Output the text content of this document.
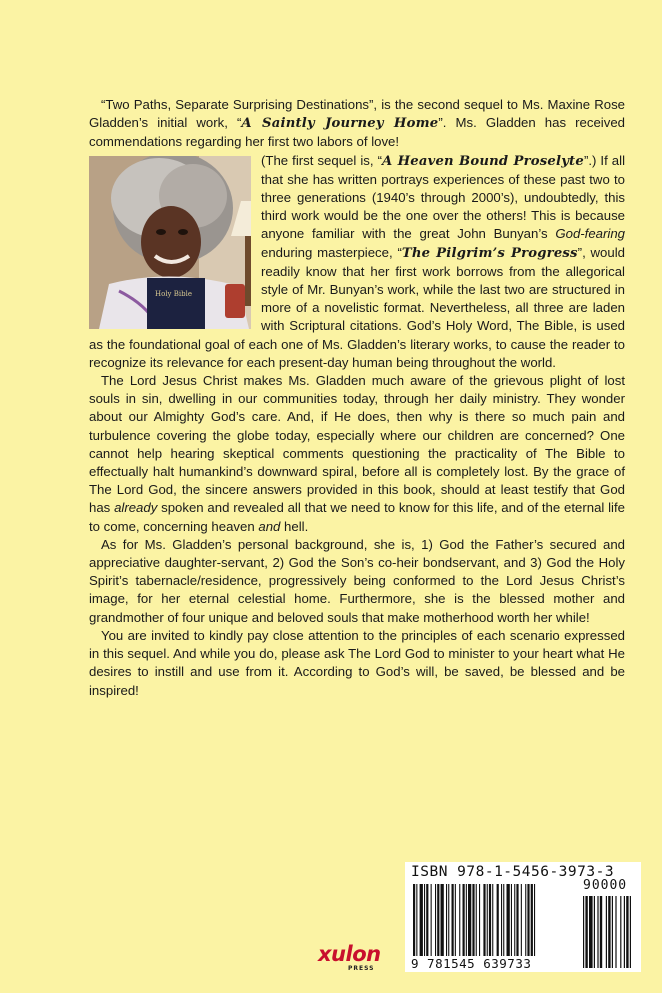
“Two Paths, Separate Surprising Destinations”, is the second sequel to Ms. Maxine Rose Gladden’s initial work, “A Saintly Journey Home”. Ms. Gladden has received commendations regarding her first two labors of love!

Holy Bible
(The first sequel is, “A Heaven Bound Proselyte”.) If all that she has written portrays experiences of these past two to three generations (1940’s through 2000’s), undoubtedly, this third work would be the one over the others! This is because anyone familiar with the great John Bunyan’s God-fearing enduring masterpiece, “The Pilgrim’s Progress”, would readily know that her first work borrows from the allegorical style of Mr. Bunyan’s work, while the last two are structured in more of a novelistic format. Nevertheless, all three are laden with Scriptural citations. God’s Holy Word, The Bible, is used as the foundational goal of each one of Ms. Gladden’s literary works, to cause the reader to recognize its relevance for each present-day human being throughout the world.

The Lord Jesus Christ makes Ms. Gladden much aware of the grievous plight of lost souls in sin, dwelling in our communities today, through her daily ministry. They wonder about our Almighty God’s care. And, if He does, then why is there so much pain and turbulence covering the globe today, especially where our children are concerned? One cannot help hearing skeptical comments questioning the practicality of The Bible to effectually halt humankind’s downward spiral, before all is completely lost. By the grace of The Lord God, the sincere answers provided in this book, should at least testify that God has already spoken and revealed all that we need to know for this life, and of the eternal life to come, concerning heaven and hell.

As for Ms. Gladden’s personal background, she is, 1) God the Father’s secured and appreciative daughter-servant, 2) God the Son’s co-heir bondservant, and 3) God the Holy Spirit’s tabernacle/residence, progressively being conformed to the Lord Jesus Christ’s image, for her eternal celestial home. Furthermore, she is the blessed mother and grandmother of four unique and beloved souls that make motherhood worth her while!

You are invited to kindly pay close attention to the principles of each scenario expressed in this sequel. And while you do, please ask The Lord God to minister to your heart what He desires to instill and use from it. According to God’s will, be saved, be blessed and be inspired!

ISBN 978-1-5456-3973-3
90000
9 781545 639733
xulon
PRESS
